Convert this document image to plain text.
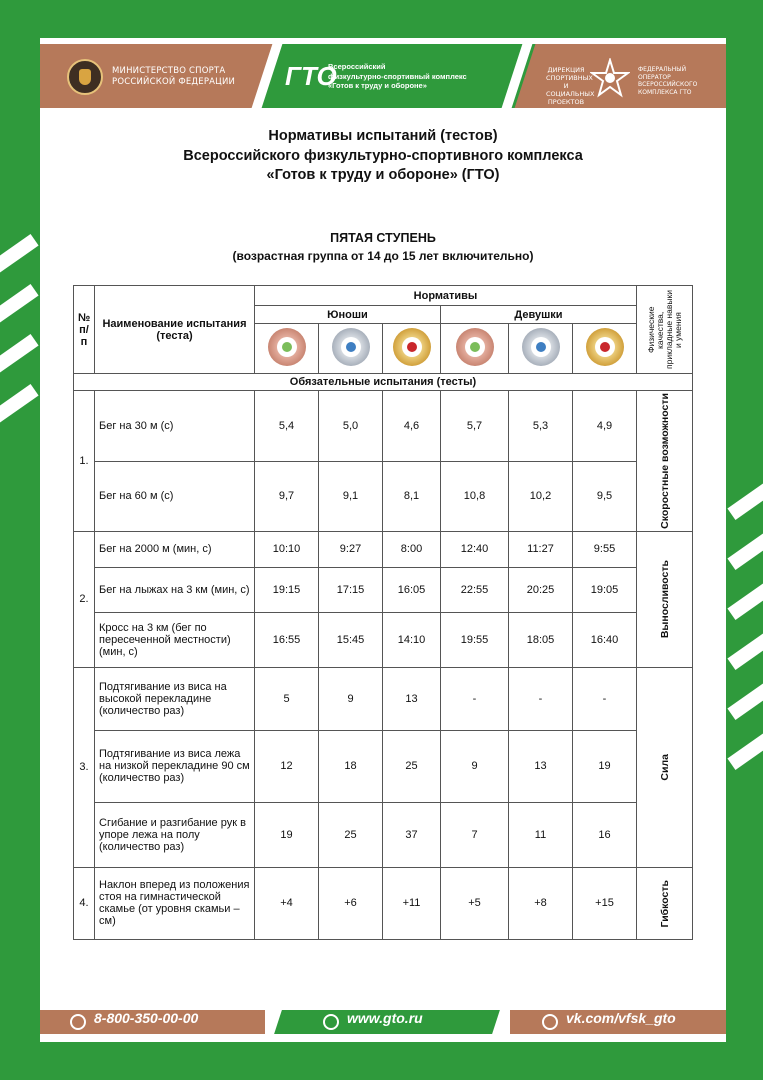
МИНИСТЕРСТВО СПОРТА
РОССИЙСКОЙ ФЕДЕРАЦИИ ГТО
Всероссийский
физкультурно-спортивный комплекс
«Готов к труду и обороне»
ДИРЕКЦИЯ
СПОРТИВНЫХ
И СОЦИАЛЬНЫХ
ПРОЕКТОВ
ФЕДЕРАЛЬНЫЙ
ОПЕРАТОР
ВСЕРОССИЙСКОГО
КОМПЛЕКСА ГТО
Нормативы испытаний (тестов)
Всероссийского физкультурно-спортивного комплекса
«Готов к труду и обороне» (ГТО)
ПЯТАЯ СТУПЕНЬ
(возрастная группа от 14 до 15 лет включительно)
№ п/п	Наименование испытания (теста)	Нормативы						Физические качества, прикладные навыки и умения

		Юноши			Девушки			

Обязательные испытания (тесты)								
1.	Бег на 30 м (с)	5,4	5,0	4,6	5,7	5,3	4,9	Скоростные возможности

	Бег на 60 м (с)	9,7	9,1	8,1	10,8	10,2	9,5	
2.	Бег на 2000 м (мин, с)	10:10	9:27	8:00	12:40	11:27	9:55	Выносливость

	Бег на лыжах на 3 км (мин, с)	19:15	17:15	16:05	22:55	20:25	19:05	
	Кросс на 3 км (бег по пересеченной местности) (мин, с)	16:55	15:45	14:10	19:55	18:05	16:40	
3.	Подтягивание из виса на высокой перекладине (количество раз)	5	9	13	-	-	-	Сила

	Подтягивание из виса лежа на низкой перекладине 90 см (количество раз)	12	18	25	9	13	19	
	Сгибание и разгибание рук в упоре лежа на полу (количество раз)	19	25	37	7	11	16	
4.	Наклон вперед из положения стоя на гимнастической скамье (от уровня скамьи – см)	+4	+6	+11	+5	+8	+15	Гибкость
8-800-350-00-00	www.gto.ru	vk.com/vfsk_gto
